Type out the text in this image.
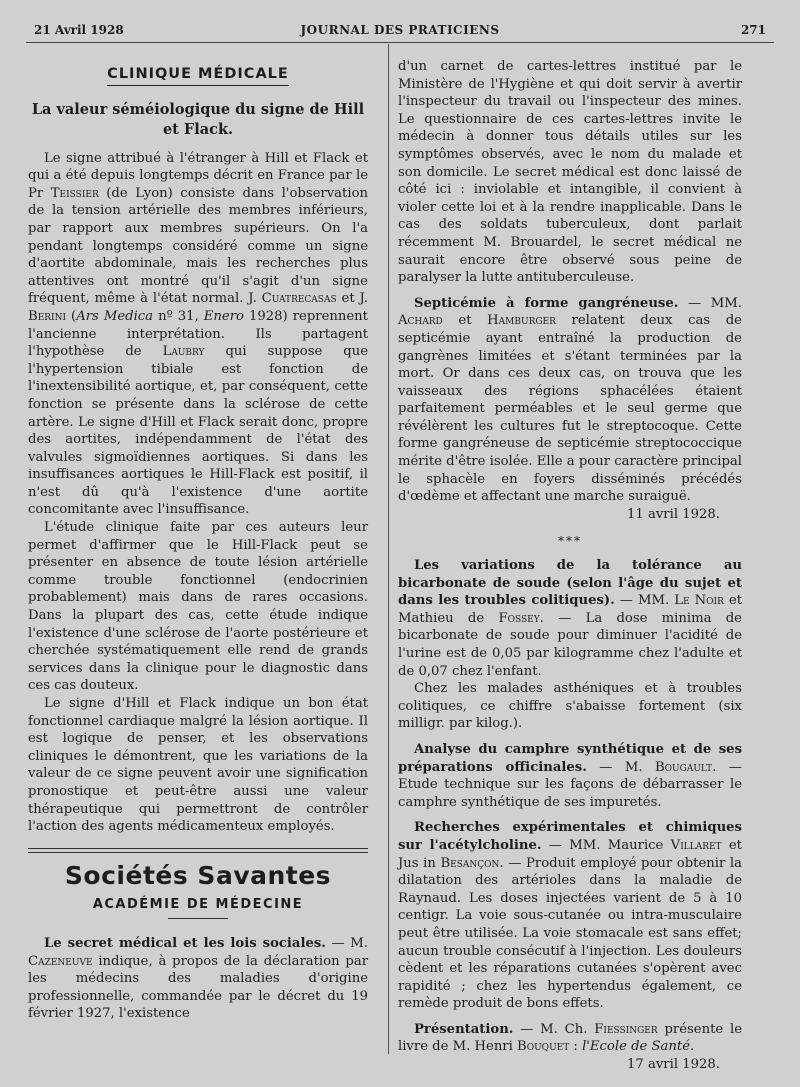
21 Avril 1928	JOURNAL DES PRATICIENS	271
CLINIQUE MÉDICALE
La valeur séméiologique du signe de Hill et Flack.

Le signe attribué à l'étranger à Hill et Flack et qui a été depuis longtemps décrit en France par le Pr Teissier (de Lyon) consiste dans l'observation de la tension artérielle des membres inférieurs, par rapport aux membres supérieurs. On l'a pendant longtemps considéré comme un signe d'aortite abdominale, mais les recherches plus attentives ont montré qu'il s'agit d'un signe fréquent, même à l'état normal. J. Cuatrecasas et J. Berini (Ars Medica nº 31, Enero 1928) reprennent l'ancienne interprétation. Ils partagent l'hypothèse de Laubry qui suppose que l'hypertension tibiale est fonction de l'inextensibilité aortique, et, par conséquent, cette fonction se présente dans la sclérose de cette artère. Le signe d'Hill et Flack serait donc, propre des aortites, indépendamment de l'état des valvules sigmoïdiennes aortiques. Si dans les insuffisances aortiques le Hill-Flack est positif, il n'est dû qu'à l'existence d'une aortite concomitante avec l'insuffisance.

L'étude clinique faite par ces auteurs leur permet d'affirmer que le Hill-Flack peut se présenter en absence de toute lésion artérielle comme trouble fonctionnel (endocrinien probablement) mais dans de rares occasions. Dans la plupart des cas, cette étude indique l'existence d'une sclérose de l'aorte postérieure et cherchée systématiquement elle rend de grands services dans la clinique pour le diagnostic dans ces cas douteux.

Le signe d'Hill et Flack indique un bon état fonctionnel cardiaque malgré la lésion aortique. Il est logique de penser, et les observations cliniques le démontrent, que les variations de la valeur de ce signe peuvent avoir une signification pronostique et peut-être aussi une valeur thérapeutique qui permettront de contrôler l'action des agents médicamenteux employés.

Sociétés Savantes
ACADÉMIE DE MÉDECINE

Le secret médical et les lois sociales. — M. Cazeneuve indique, à propos de la déclaration par les médecins des maladies d'origine professionnelle, commandée par le décret du 19 février 1927, l'existence

d'un carnet de cartes-lettres institué par le Ministère de l'Hygiène et qui doit servir à avertir l'inspecteur du travail ou l'inspecteur des mines. Le questionnaire de ces cartes-lettres invite le médecin à donner tous détails utiles sur les symptômes observés, avec le nom du malade et son domicile. Le secret médical est donc laissé de côté ici : inviolable et intangible, il convient à violer cette loi et à la rendre inapplicable. Dans le cas des soldats tuberculeux, dont parlait récemment M. Brouardel, le secret médical ne saurait encore être observé sous peine de paralyser la lutte antituberculeuse.

Septicémie à forme gangréneuse. — MM. Achard et Hamburger relatent deux cas de septicémie ayant entraîné la production de gangrènes limitées et s'étant terminées par la mort. Or dans ces deux cas, on trouva que les vaisseaux des régions sphacélées étaient parfaitement perméables et le seul germe que révélèrent les cultures fut le streptocoque. Cette forme gangréneuse de septicémie streptococcique mérite d'être isolée. Elle a pour caractère principal le sphacèle en foyers disséminés précédés d'œdème et affectant une marche suraiguë.

11 avril 1928.
***

Les variations de la tolérance au bicarbonate de soude (selon l'âge du sujet et dans les troubles colitiques). — MM. Le Noir et Mathieu de Fossey. — La dose minima de bicarbonate de soude pour diminuer l'acidité de l'urine est de 0,05 par kilogramme chez l'adulte et de 0,07 chez l'enfant.

Chez les malades asthéniques et à troubles colitiques, ce chiffre s'abaisse fortement (six milligr. par kilog.).

Analyse du camphre synthétique et de ses préparations officinales. — M. Bougault. — Etude technique sur les façons de débarrasser le camphre synthétique de ses impuretés.

Recherches expérimentales et chimiques sur l'acétylcholine. — MM. Maurice Villaret et Jus in Besançon. — Produit employé pour obtenir la dilatation des artérioles dans la maladie de Raynaud. Les doses injectées varient de 5 à 10 centigr. La voie sous-cutanée ou intra-musculaire peut être utilisée. La voie stomacale est sans effet; aucun trouble consécutif à l'injection. Les douleurs cèdent et les réparations cutanées s'opèrent avec rapidité ; chez les hypertendus également, ce remède produit de bons effets.

Présentation. — M. Ch. Fiessinger présente le livre de M. Henri Bouquet : l'Ecole de Santé.

17 avril 1928.
